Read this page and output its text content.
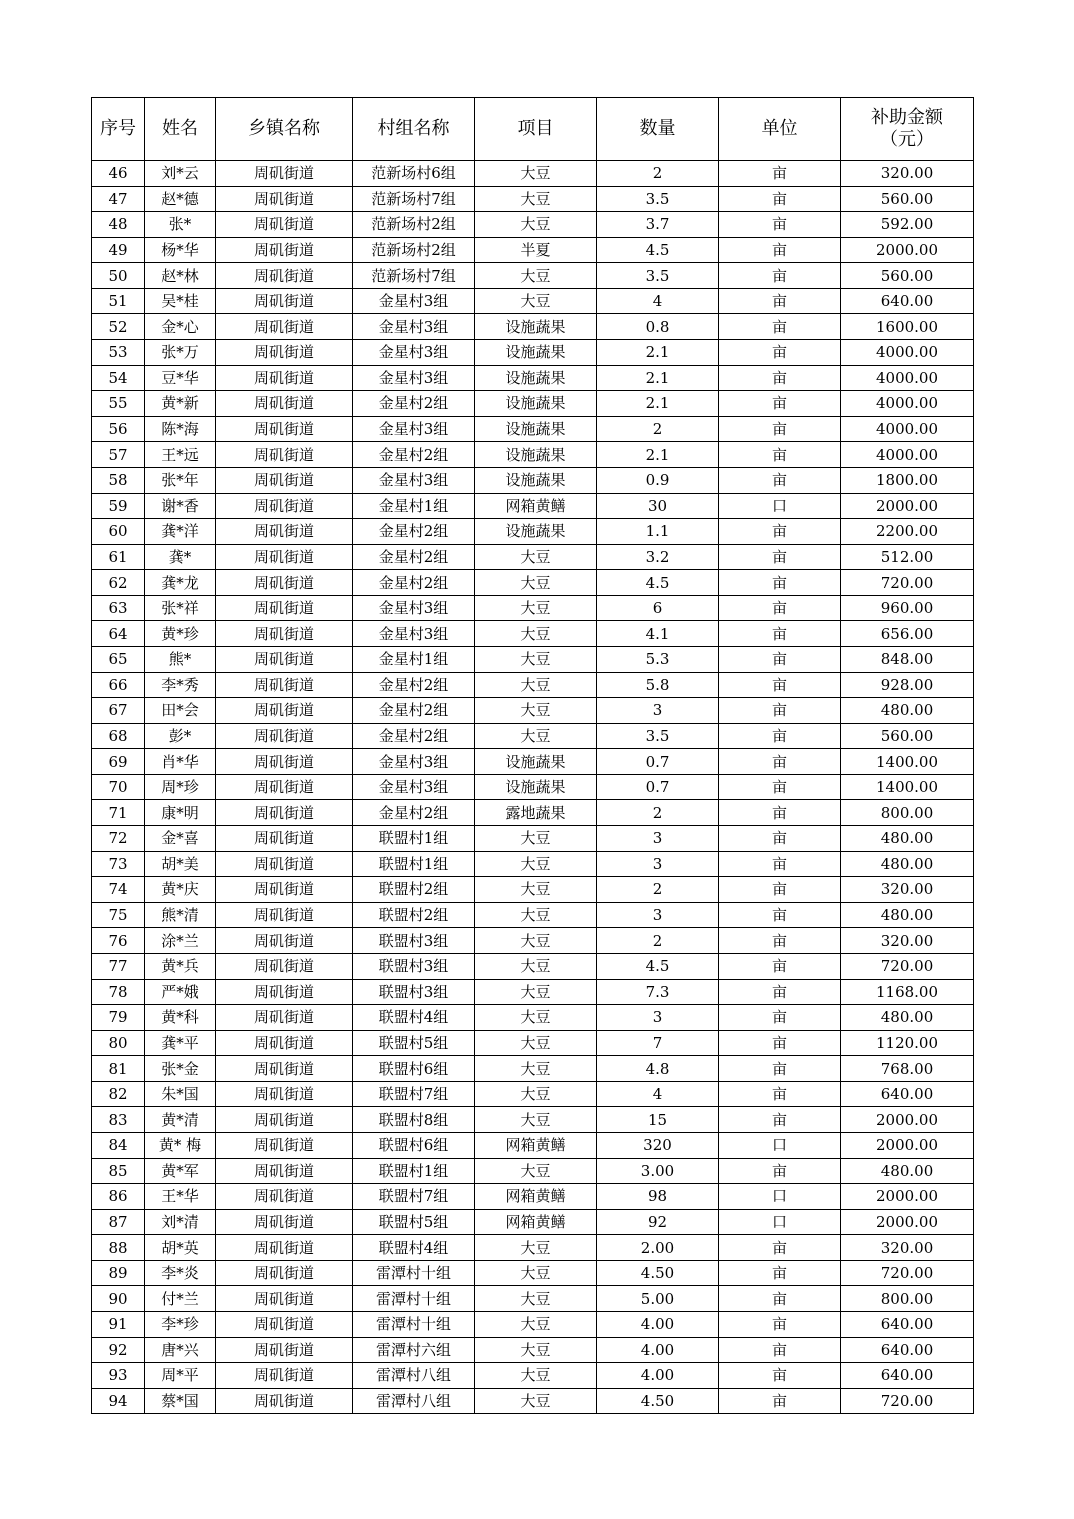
序号	姓名	乡镇名称	村组名称	项目	数量	单位	补助金额
（元）
46	刘*云	周矶街道	范新场村6组	大豆	2	亩	320.00
47	赵*德	周矶街道	范新场村7组	大豆	3.5	亩	560.00
48	张*	周矶街道	范新场村2组	大豆	3.7	亩	592.00
49	杨*华	周矶街道	范新场村2组	半夏	4.5	亩	2000.00
50	赵*林	周矶街道	范新场村7组	大豆	3.5	亩	560.00
51	吴*桂	周矶街道	金星村3组	大豆	4	亩	640.00
52	金*心	周矶街道	金星村3组	设施蔬果	0.8	亩	1600.00
53	张*万	周矶街道	金星村3组	设施蔬果	2.1	亩	4000.00
54	豆*华	周矶街道	金星村3组	设施蔬果	2.1	亩	4000.00
55	黄*新	周矶街道	金星村2组	设施蔬果	2.1	亩	4000.00
56	陈*海	周矶街道	金星村3组	设施蔬果	2	亩	4000.00
57	王*远	周矶街道	金星村2组	设施蔬果	2.1	亩	4000.00
58	张*年	周矶街道	金星村3组	设施蔬果	0.9	亩	1800.00
59	谢*香	周矶街道	金星村1组	网箱黄鳝	30	口	2000.00
60	龚*洋	周矶街道	金星村2组	设施蔬果	1.1	亩	2200.00
61	龚*	周矶街道	金星村2组	大豆	3.2	亩	512.00
62	龚*龙	周矶街道	金星村2组	大豆	4.5	亩	720.00
63	张*祥	周矶街道	金星村3组	大豆	6	亩	960.00
64	黄*珍	周矶街道	金星村3组	大豆	4.1	亩	656.00
65	熊*	周矶街道	金星村1组	大豆	5.3	亩	848.00
66	李*秀	周矶街道	金星村2组	大豆	5.8	亩	928.00
67	田*会	周矶街道	金星村2组	大豆	3	亩	480.00
68	彭*	周矶街道	金星村2组	大豆	3.5	亩	560.00
69	肖*华	周矶街道	金星村3组	设施蔬果	0.7	亩	1400.00
70	周*珍	周矶街道	金星村3组	设施蔬果	0.7	亩	1400.00
71	康*明	周矶街道	金星村2组	露地蔬果	2	亩	800.00
72	金*喜	周矶街道	联盟村1组	大豆	3	亩	480.00
73	胡*美	周矶街道	联盟村1组	大豆	3	亩	480.00
74	黄*庆	周矶街道	联盟村2组	大豆	2	亩	320.00
75	熊*清	周矶街道	联盟村2组	大豆	3	亩	480.00
76	涂*兰	周矶街道	联盟村3组	大豆	2	亩	320.00
77	黄*兵	周矶街道	联盟村3组	大豆	4.5	亩	720.00
78	严*娥	周矶街道	联盟村3组	大豆	7.3	亩	1168.00
79	黄*科	周矶街道	联盟村4组	大豆	3	亩	480.00
80	龚*平	周矶街道	联盟村5组	大豆	7	亩	1120.00
81	张*金	周矶街道	联盟村6组	大豆	4.8	亩	768.00
82	朱*国	周矶街道	联盟村7组	大豆	4	亩	640.00
83	黄*清	周矶街道	联盟村8组	大豆	15	亩	2000.00
84	黄* 梅	周矶街道	联盟村6组	网箱黄鳝	320	口	2000.00
85	黄*军	周矶街道	联盟村1组	大豆	3.00	亩	480.00
86	王*华	周矶街道	联盟村7组	网箱黄鳝	98	口	2000.00
87	刘*清	周矶街道	联盟村5组	网箱黄鳝	92	口	2000.00
88	胡*英	周矶街道	联盟村4组	大豆	2.00	亩	320.00
89	李*炎	周矶街道	雷潭村十组	大豆	4.50	亩	720.00
90	付*兰	周矶街道	雷潭村十组	大豆	5.00	亩	800.00
91	李*珍	周矶街道	雷潭村十组	大豆	4.00	亩	640.00
92	唐*兴	周矶街道	雷潭村六组	大豆	4.00	亩	640.00
93	周*平	周矶街道	雷潭村八组	大豆	4.00	亩	640.00
94	蔡*国	周矶街道	雷潭村八组	大豆	4.50	亩	720.00
